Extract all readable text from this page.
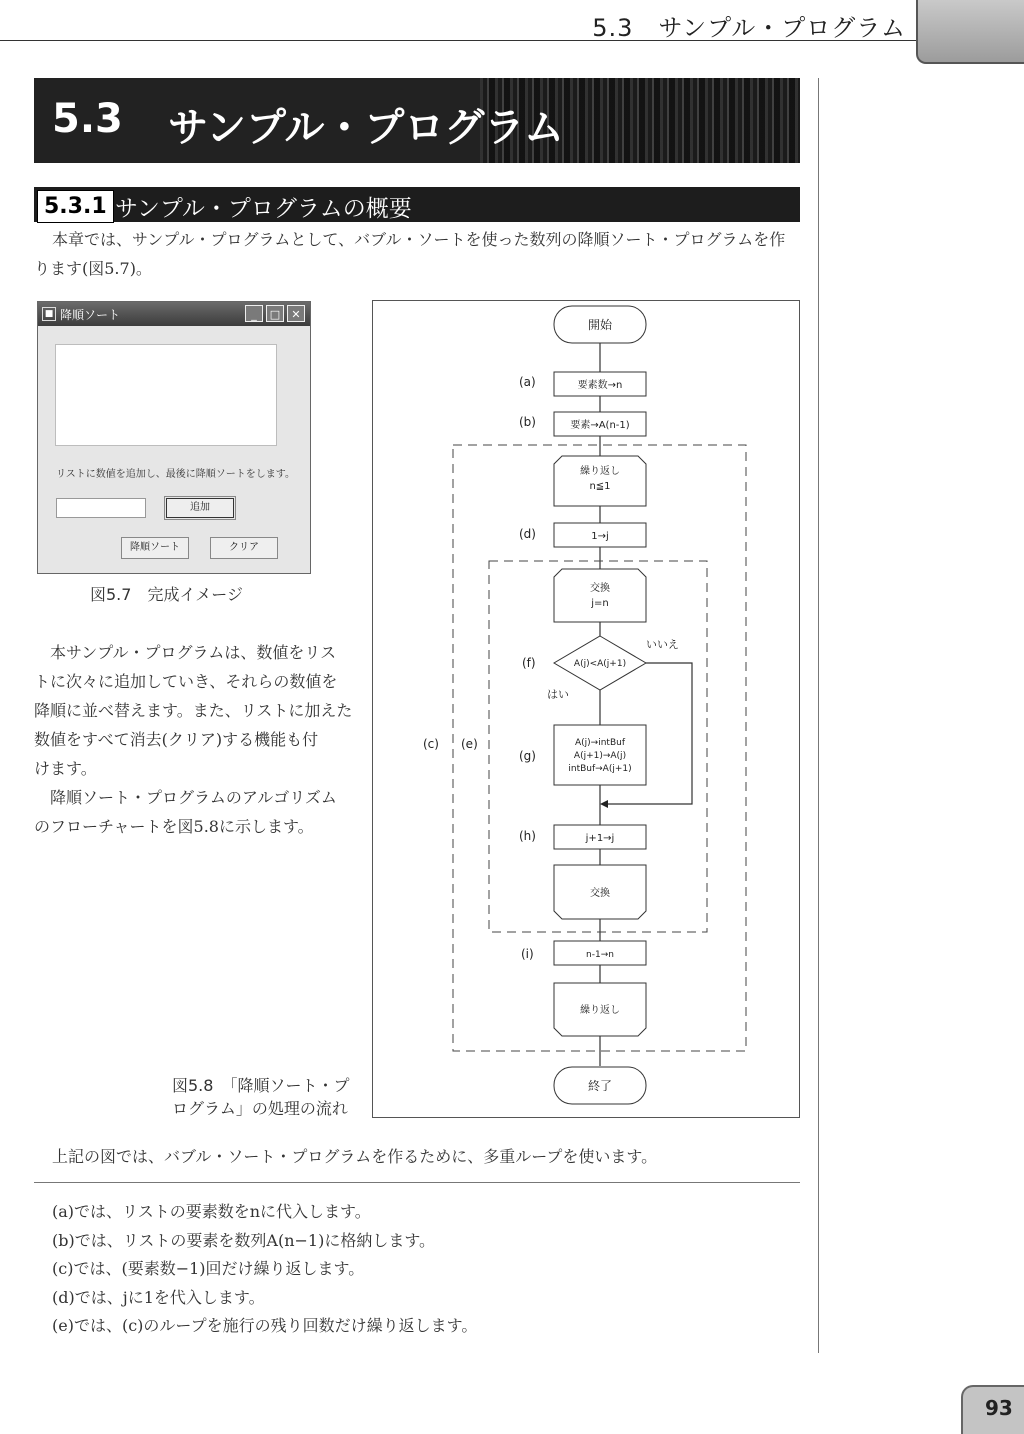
5.3　サンプル・プログラム
5.3 サンプル・プログラム
5.3.1 サンプル・プログラムの概要
本章では、サンプル・プログラムとして、バブル・ソートを使った数列の降順ソート・プログラムを作
ります(図5.7)。
■ 降順ソート	_	□	✕
リストに数値を追加し、最後に降順ソートをします。
追加
降順ソート	クリア
図5.7　完成イメージ

本サンプル・プログラムは、数値をリス

トに次々に追加していき、それらの数値を

降順に並べ替えます。また、リストに加えた

数値をすべて消去(クリア)する機能も付

けます。

降順ソート・プログラムのアルゴリズム

のフローチャートを図5.8に示します。

開始
(a)	要素数→n
(b)	要素→A(n-1)
繰り返し
n≦1
(d)	1→j
交換
j=n
(f)	A(j)<A(j+1)
いいえ
はい
(g)
A(j)→intBuf
A(j+1)→A(j)
intBuf→A(j+1)
(h)	j+1→j
交換
(i)	n-1→n
繰り返し
(c) (e)
終了
図5.8　「降順ソート・プ
ログラム」の処理の流れ
上記の図では、バブル・ソート・プログラムを作るために、多重ループを使います。
(a)では、リストの要素数をnに代入します。
(b)では、リストの要素を数列A(n−1)に格納します。
(c)では、(要素数−1)回だけ繰り返します。
(d)では、jに1を代入します。
(e)では、(c)のループを施行の残り回数だけ繰り返します。
93
